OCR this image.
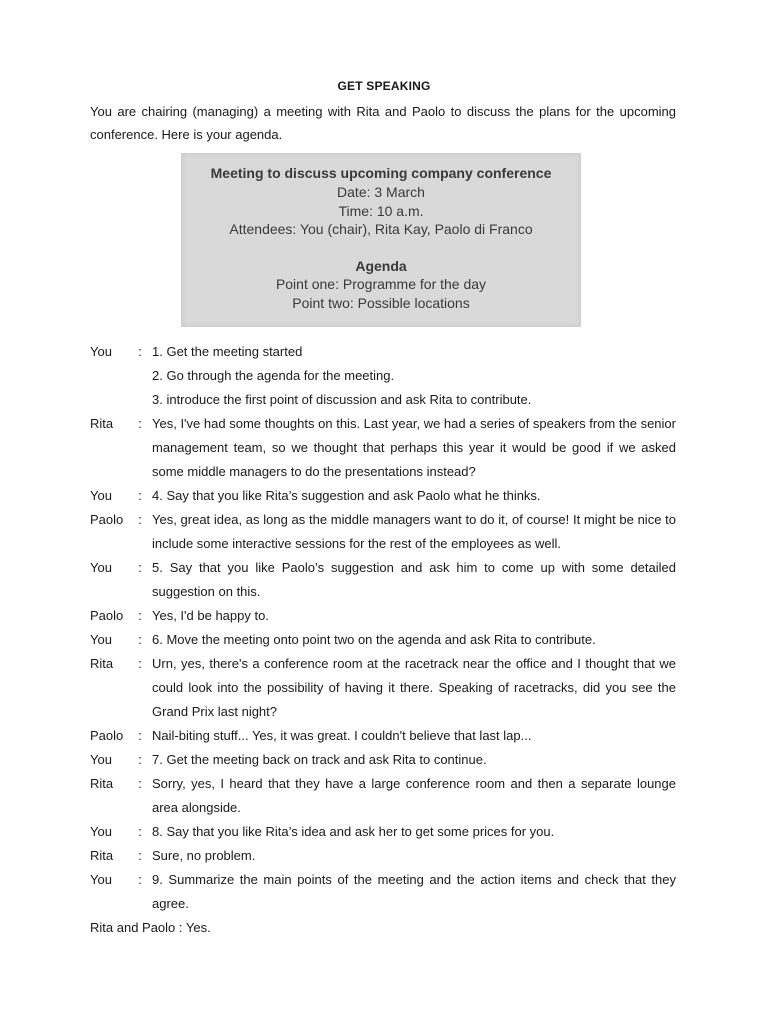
GET SPEAKING
You are chairing (managing) a meeting with Rita and Paolo to discuss the plans for the upcoming conference. Here is your agenda.
Meeting to discuss upcoming company conference
Date: 3 March
Time: 10 a.m.
Attendees: You (chair), Rita Kay, Paolo di Franco
Agenda
Point one: Programme for the day
Point two: Possible locations
You	: 1. Get the meeting started
2. Go through the agenda for the meeting.
3. introduce the first point of discussion and ask Rita to contribute.
Rita	: Yes, I've had some thoughts on this. Last year, we had a series of speakers from the senior management team, so we thought that perhaps this year it would be good if we asked some middle managers to do the presentations instead?
You	: 4. Say that you like Rita’s suggestion and ask Paolo what he thinks.
Paolo	: Yes, great idea, as long as the middle managers want to do it, of course! It might be nice to include some interactive sessions for the rest of the employees as well.
You	: 5. Say that you like Paolo’s suggestion and ask him to come up with some detailed suggestion on this.
Paolo	: Yes, I'd be happy to.
You	: 6. Move the meeting onto point two on the agenda and ask Rita to contribute.
Rita	: Urn, yes, there's a conference room at the racetrack near the office and I thought that we could look into the possibility of having it there. Speaking of racetracks, did you see the Grand Prix last night?
Paolo	: Nail-biting stuff... Yes, it was great. I couldn't believe that last lap...
You	: 7. Get the meeting back on track and ask Rita to continue.
Rita	: Sorry, yes, I heard that they have a large conference room and then a separate lounge area alongside.
You	: 8. Say that you like Rita’s idea and ask her to get some prices for you.
Rita	: Sure, no problem.
You	: 9. Summarize the main points of the meeting and the action items and check that they agree.
Rita and Paolo : Yes.
